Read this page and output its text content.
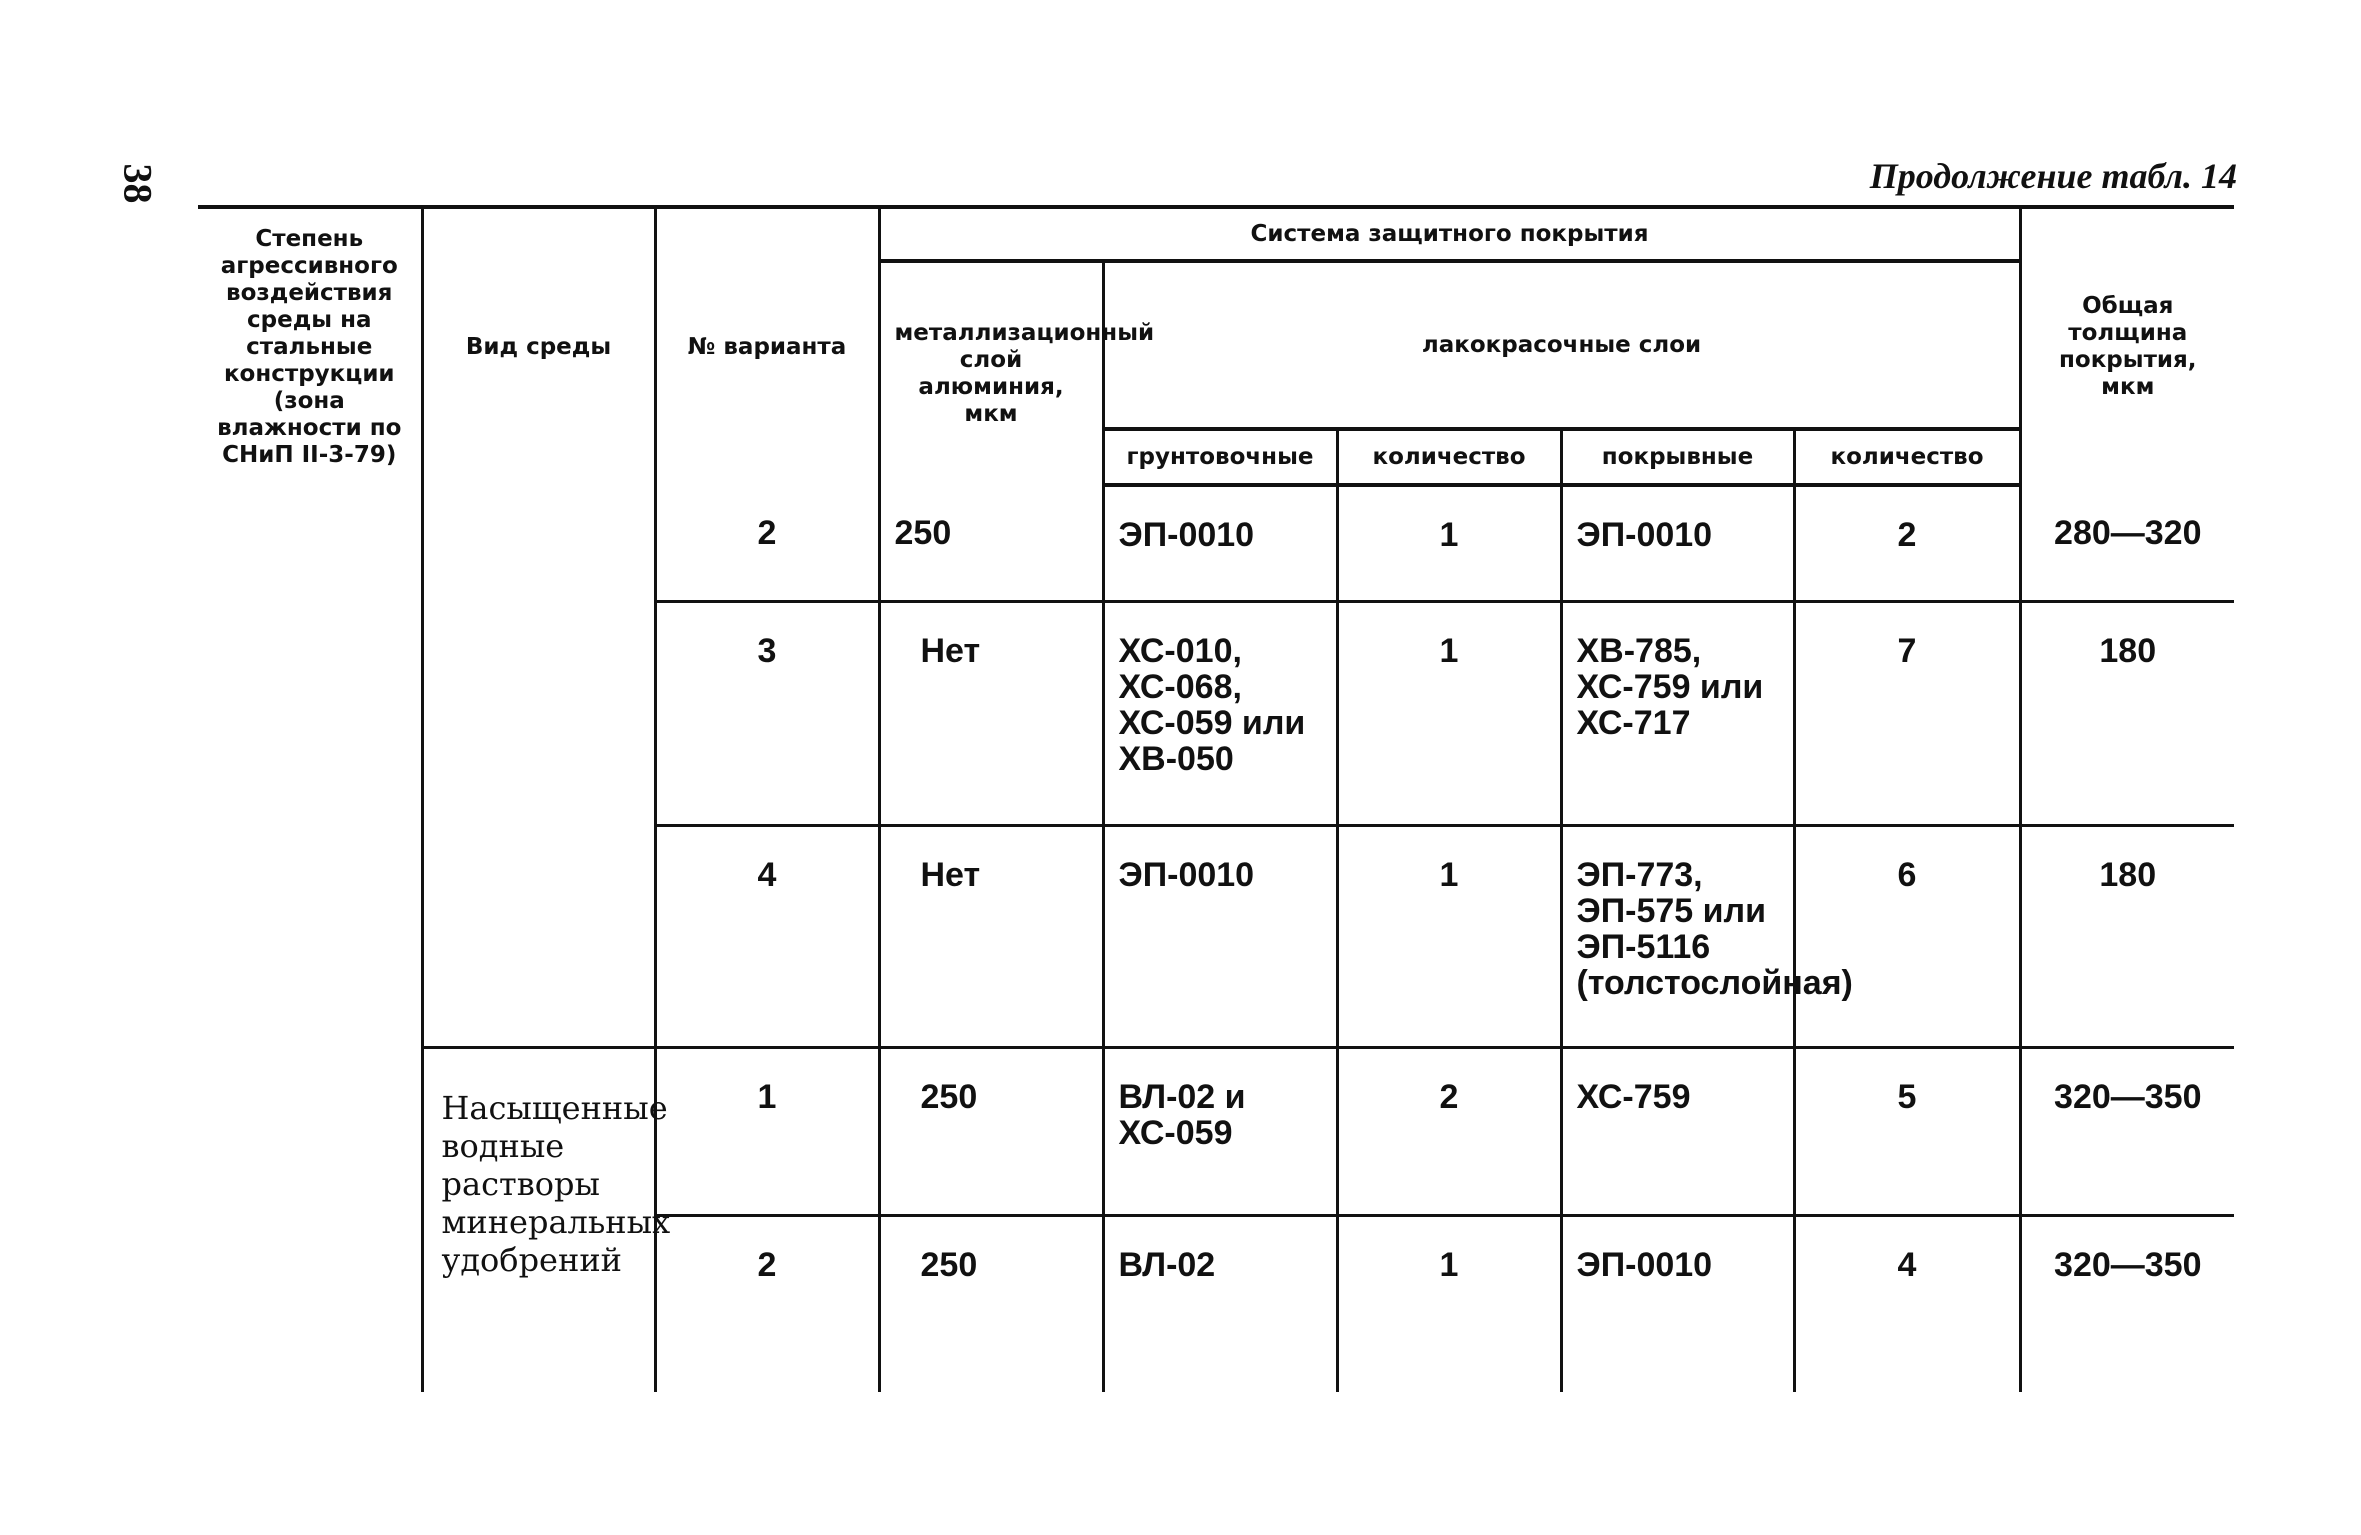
38	Продолжение табл. 14
Степень агрессивного воздействия среды на стальные конструкции (зона влажности по СНиП II-3-79)	Вид среды	№ варианта	Система защитного покрытия					Общая толщина покрытия, мкм
			металлизационный слой алюминия, мкм	лакокрасочные слои				
				грунтовочные	количество	покрывные	количество	
		2	250	ЭП-0010	1	ЭП-0010	2	280—320
		3	Нет	ХС-010, ХС-068, ХС-059 или ХВ-050	1	ХВ-785, ХС-759 или ХС-717	7	180
		4	Нет	ЭП-0010	1	ЭП-773, ЭП-575 или ЭП-5116 (толстослойная)	6	180
	Насыщенные водные растворы минеральных удобрений	1	250	ВЛ-02 и ХС-059	2	ХС-759	5	320—350
		2	250	ВЛ-02	1	ЭП-0010	4	320—350
